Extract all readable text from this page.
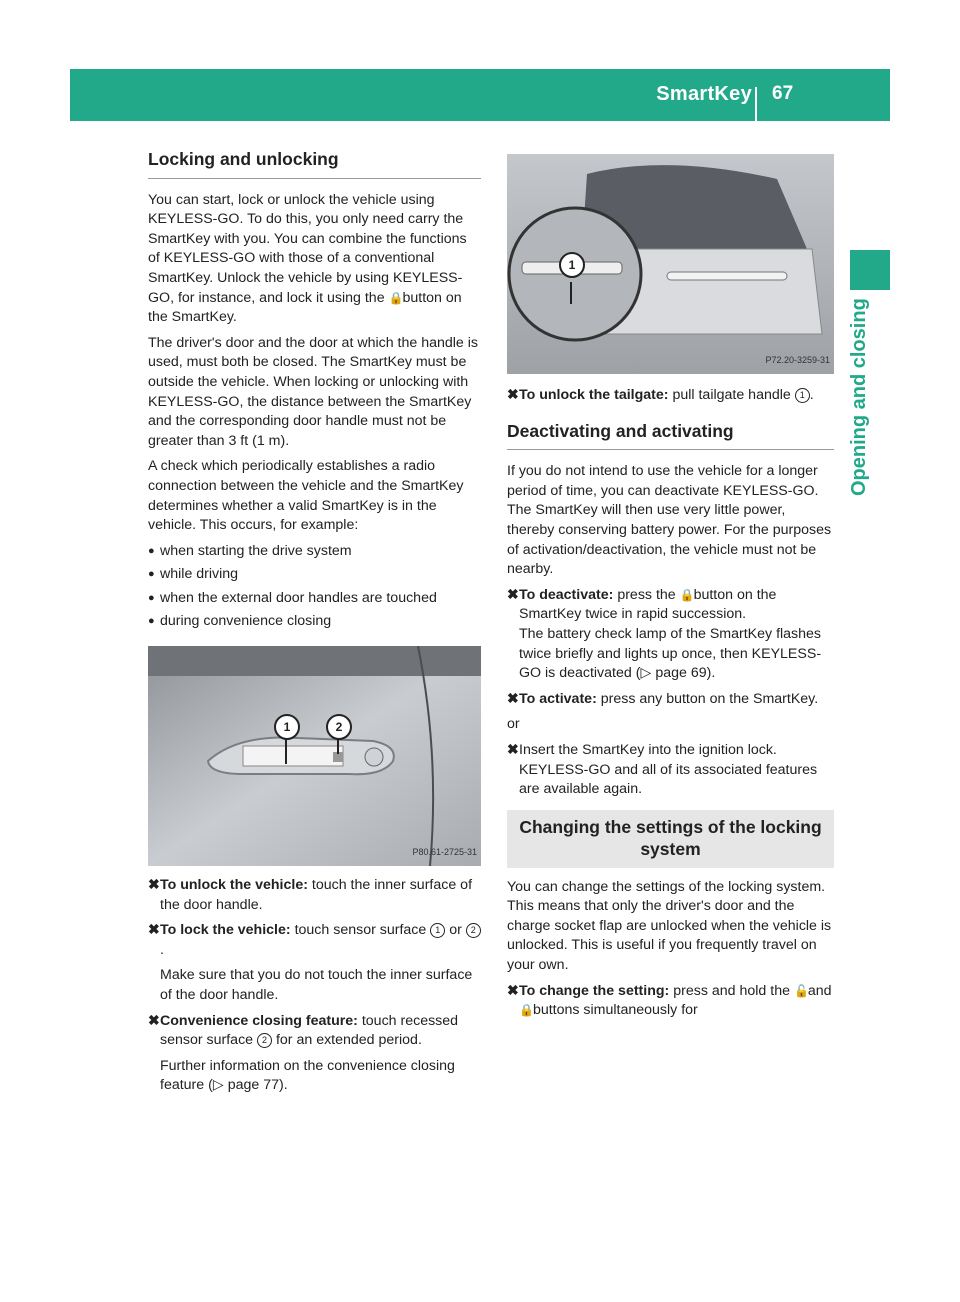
SmartKey 67
Opening and closing
Locking and unlocking

You can start, lock or unlock the vehicle using KEYLESS-GO. To do this, you only need carry the SmartKey with you. You can combine the functions of KEYLESS-GO with those of a conventional SmartKey. Unlock the vehicle by using KEYLESS-GO, for instance, and lock it using the 🔒 button on the SmartKey.

The driver's door and the door at which the handle is used, must both be closed. The SmartKey must be outside the vehicle. When locking or unlocking with KEYLESS-GO, the distance between the SmartKey and the corresponding door handle must not be greater than 3 ft (1 m).

A check which periodically establishes a radio connection between the vehicle and the SmartKey determines whether a valid SmartKey is in the vehicle. This occurs, for example:

● when starting the drive system
● while driving
● when the external door handles are touched
● during convenience closing
1	2
P80.61-2725-31
✖ To unlock the vehicle: touch the inner surface of the door handle.
✖ To lock the vehicle: touch sensor surface 1 or 2.
Make sure that you do not touch the inner surface of the door handle.
✖ Convenience closing feature: touch recessed sensor surface 2 for an extended period.
Further information on the convenience closing feature (▷ page 77).
1
P72.20-3259-31
✖ To unlock the tailgate: pull tailgate handle 1 .
Deactivating and activating

If you do not intend to use the vehicle for a longer period of time, you can deactivate KEYLESS-GO. The SmartKey will then use very little power, thereby conserving battery power. For the purposes of activation/deactivation, the vehicle must not be nearby.

✖ To deactivate: press the 🔒 button on the SmartKey twice in rapid succession.
The battery check lamp of the SmartKey flashes twice briefly and lights up once, then KEYLESS-GO is deactivated (▷ page 69).
✖ To activate: press any button on the SmartKey.

or

✖ Insert the SmartKey into the ignition lock. KEYLESS-GO and all of its associated features are available again.
Changing the settings of the locking system

You can change the settings of the locking system. This means that only the driver's door and the charge socket flap are unlocked when the vehicle is unlocked. This is useful if you frequently travel on your own.

✖ To change the setting: press and hold the 🔓 and 🔒 buttons simultaneously for
